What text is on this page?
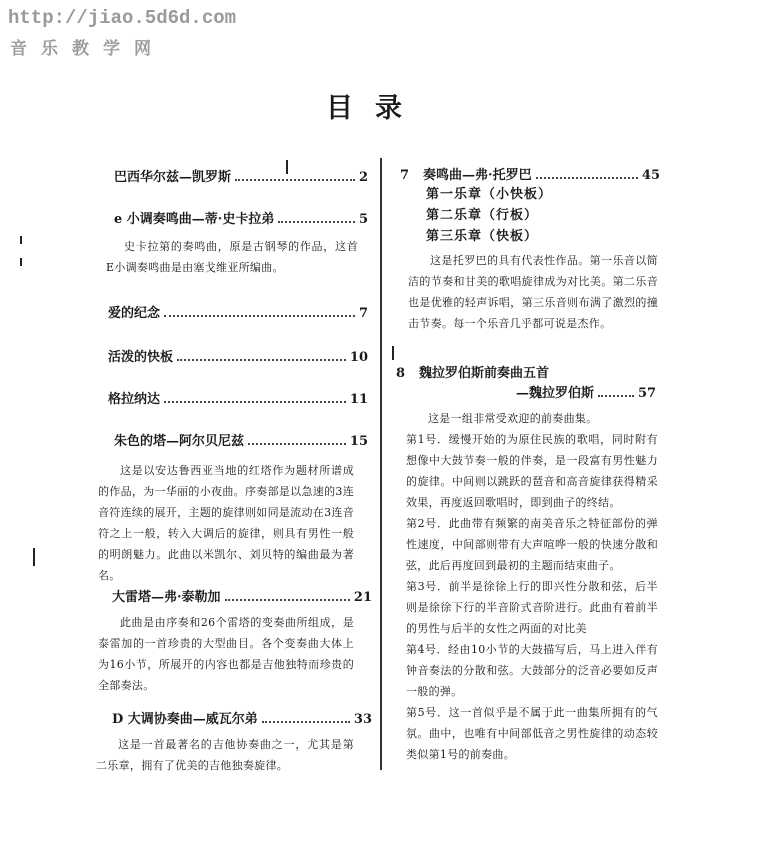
http://jiao.5d6d.com
音乐教学网
目录
巴西华尔兹—凯罗斯	2
e 小调奏鸣曲—蒂·史卡拉弟	5

史卡拉第的奏鸣曲，原是古钢琴的作品，这首E小调奏鸣曲是由塞戈维亚所编曲。

爱的纪念	7
活泼的快板	10
格拉纳达	11
朱色的塔—阿尔贝尼兹	15

这是以安达鲁西亚当地的红塔作为题材所谱成的作品，为一华丽的小夜曲。序奏部是以急速的3连音符连续的展开，主题的旋律则如同是流动在3连音符之上一般，转入大调后的旋律，则具有男性一般的明朗魅力。此曲以米凯尔、刘贝特的编曲最为著名。

大雷塔—弗·泰勒加	21

此曲是由序奏和26个雷塔的变奏曲所组成，是泰雷加的一首珍贵的大型曲目。各个变奏曲大体上为16小节，所展开的内容也都是吉他独特而珍贵的全部奏法。

D 大调协奏曲—威瓦尔弟	33

这是一首最著名的吉他协奏曲之一，尤其是第二乐章，拥有了优美的吉他独奏旋律。

7 奏鸣曲—弗·托罗巴	45
第一乐章（小快板）
第二乐章（行板）
第三乐章（快板）

这是托罗巴的具有代表性作品。第一乐音以简洁的节奏和甘美的歌唱旋律成为对比美。第二乐音也是优雅的轻声诉唱，第三乐音则布满了激烈的撞击节奏。每一个乐音几乎都可说是杰作。

8 魏拉罗伯斯前奏曲五首
—魏拉罗伯斯	57

这是一组非常受欢迎的前奏曲集。

第1号．缓慢开始的为原住民族的歌唱，同时附有想像中大鼓节奏一般的伴奏，是一段富有男性魅力的旋律。中间则以跳跃的琶音和高音旋律获得精采效果，再度返回歌唱时，即到曲子的终结。

第2号．此曲带有频繁的南美音乐之特征部份的弹性速度，中间部则带有大声喧哗一般的快速分散和弦，此后再度回到最初的主题而结束曲子。

第3号．前半是徐徐上行的即兴性分散和弦，后半则是徐徐下行的半音阶式音阶进行。此曲有着前半的男性与后半的女性之两面的对比美

第4号．经由10小节的大鼓描写后，马上进入伴有钟音奏法的分散和弦。大鼓部分的泛音必要如反声一般的弹。

第5号．这一首似乎是不属于此一曲集所拥有的气氛。曲中，也唯有中间部低音之男性旋律的动态较类似第1号的前奏曲。
